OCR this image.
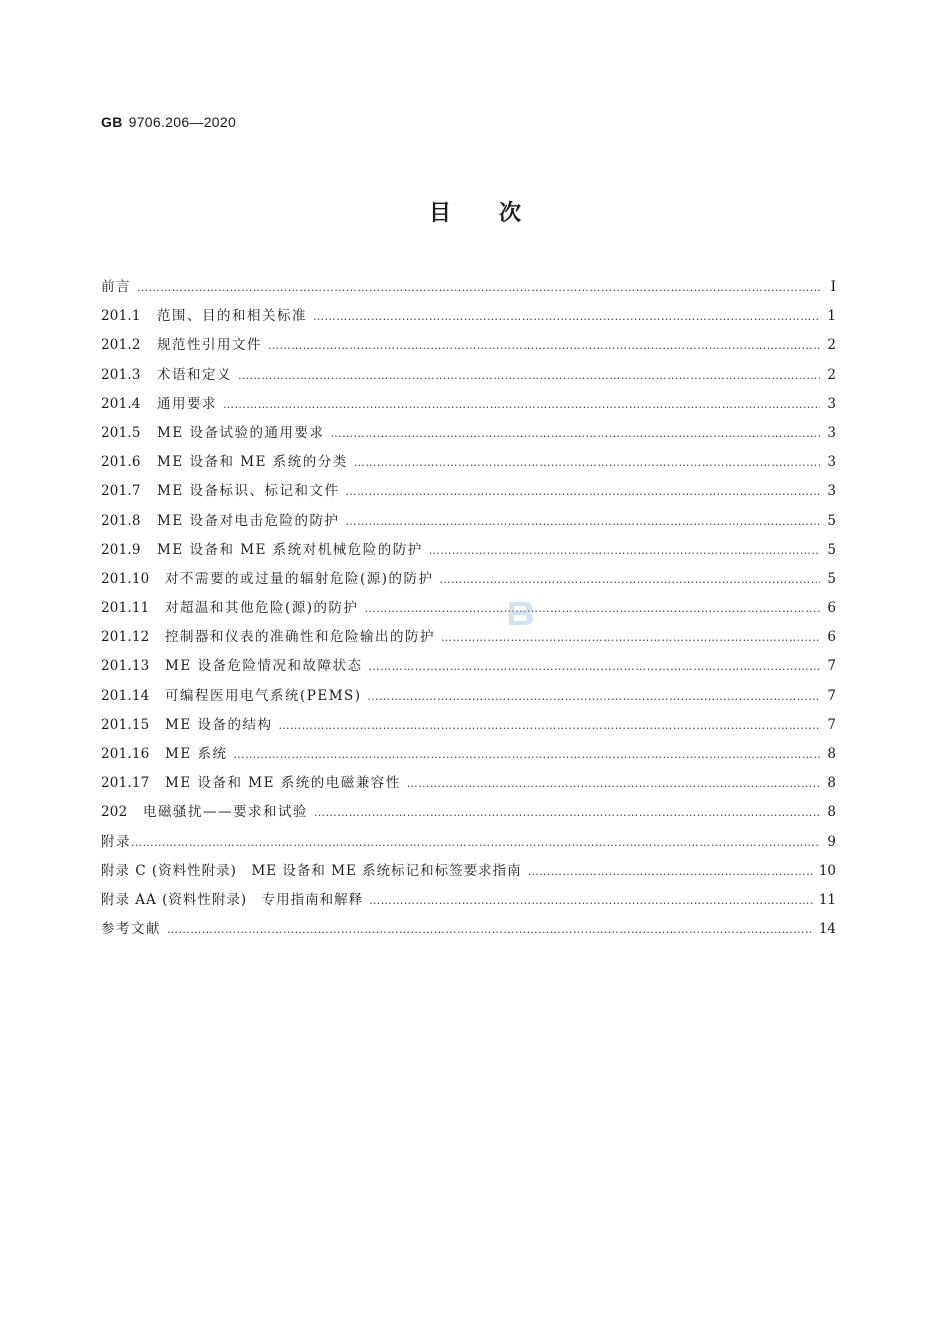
GB 9706.206—2020
目 次
前言 ………………………………………………………………………………………………………………………………………………………………………………………………………	Ⅰ
201.1	范围、目的和相关标准 ………………………………………………………………………………………………………………………………………………………………………………………………………	1
201.2	规范性引用文件 ………………………………………………………………………………………………………………………………………………………………………………………………………	2
201.3	术语和定义 ………………………………………………………………………………………………………………………………………………………………………………………………………	2
201.4	通用要求 ………………………………………………………………………………………………………………………………………………………………………………………………………	3
201.5	ME 设备试验的通用要求 ………………………………………………………………………………………………………………………………………………………………………………………………………	3
201.6	ME 设备和 ME 系统的分类 ………………………………………………………………………………………………………………………………………………………………………………………………………	3
201.7	ME 设备标识、标记和文件 ………………………………………………………………………………………………………………………………………………………………………………………………………	3
201.8	ME 设备对电击危险的防护 ………………………………………………………………………………………………………………………………………………………………………………………………………	5
201.9	ME 设备和 ME 系统对机械危险的防护 ………………………………………………………………………………………………………………………………………………………………………………………………………	5
201.10	对不需要的或过量的辐射危险(源)的防护 ………………………………………………………………………………………………………………………………………………………………………………………………………	5
201.11	对超温和其他危险(源)的防护 ………………………………………………………………………………………………………………………………………………………………………………………………………	6
201.12	控制器和仪表的准确性和危险输出的防护 ………………………………………………………………………………………………………………………………………………………………………………………………………	6
201.13	ME 设备危险情况和故障状态 ………………………………………………………………………………………………………………………………………………………………………………………………………	7
201.14	可编程医用电气系统(PEMS) ………………………………………………………………………………………………………………………………………………………………………………………………………	7
201.15	ME 设备的结构 ………………………………………………………………………………………………………………………………………………………………………………………………………	7
201.16	ME 系统 ………………………………………………………………………………………………………………………………………………………………………………………………………	8
201.17	ME 设备和 ME 系统的电磁兼容性 ………………………………………………………………………………………………………………………………………………………………………………………………………	8
202	电磁骚扰——要求和试验 ………………………………………………………………………………………………………………………………………………………………………………………………………	8
附录 ………………………………………………………………………………………………………………………………………………………………………………………………………	9
附录 C (资料性附录)　ME 设备和 ME 系统标记和标签要求指南 ………………………………………………………………………………………………………………………………………………………………………………………………………	10
附录 AA (资料性附录)　专用指南和解释 ………………………………………………………………………………………………………………………………………………………………………………………………………	11
参考文献 ………………………………………………………………………………………………………………………………………………………………………………………………………	14
